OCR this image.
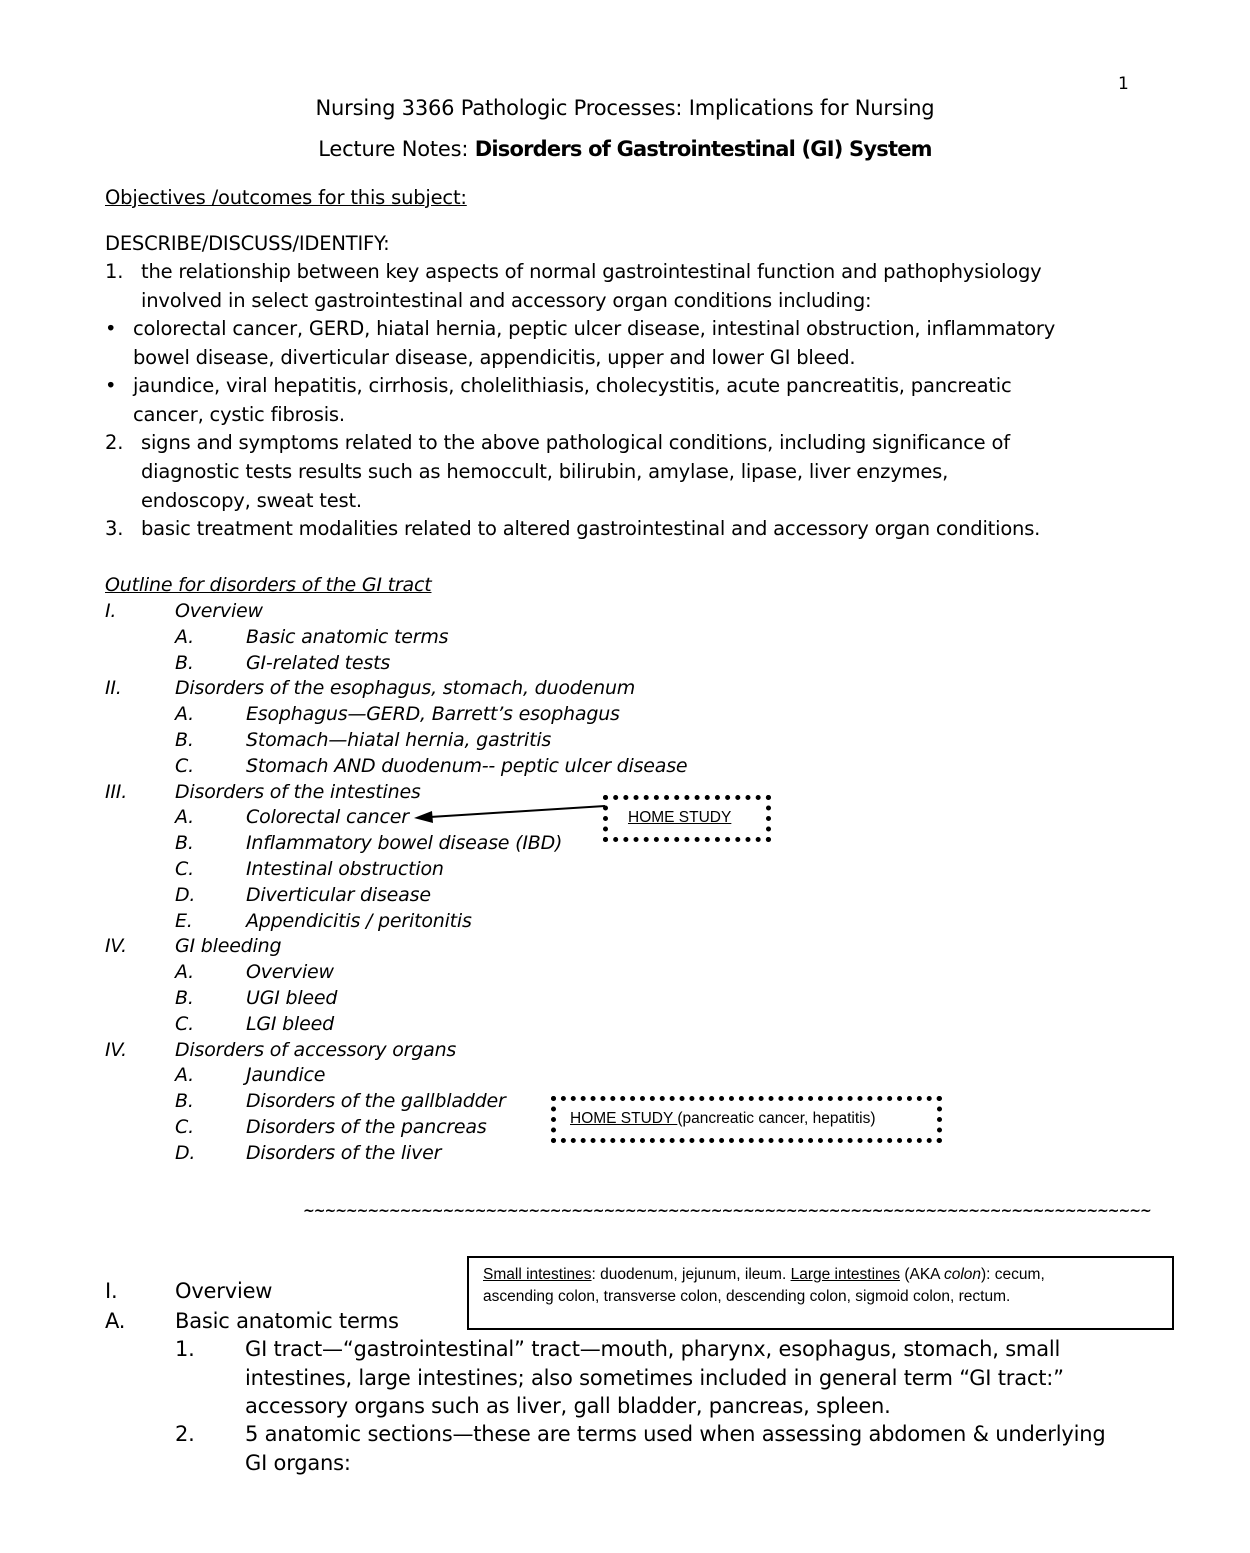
1
Nursing 3366 Pathologic Processes: Implications for Nursing
Lecture Notes: Disorders of Gastrointestinal (GI) System
Objectives /outcomes for this subject:
DESCRIBE/DISCUSS/IDENTIFY:
1. the relationship between key aspects of normal gastrointestinal function and pathophysiology
involved in select gastrointestinal and accessory organ conditions including:
• colorectal cancer, GERD, hiatal hernia, peptic ulcer disease, intestinal obstruction, inflammatory
bowel disease, diverticular disease, appendicitis, upper and lower GI bleed.
• jaundice, viral hepatitis, cirrhosis, cholelithiasis, cholecystitis, acute pancreatitis, pancreatic
cancer, cystic fibrosis.
2. signs and symptoms related to the above pathological conditions, including significance of
diagnostic tests results such as hemoccult, bilirubin, amylase, lipase, liver enzymes,
endoscopy, sweat test.
3. basic treatment modalities related to altered gastrointestinal and accessory organ conditions.
Outline for disorders of the GI tract
I.	Overview
A.	Basic anatomic terms
B.	GI-related tests
II.	Disorders of the esophagus, stomach, duodenum
A.	Esophagus—GERD, Barrett’s esophagus
B.	Stomach—hiatal hernia, gastritis
C.	Stomach AND duodenum-- peptic ulcer disease
III.	Disorders of the intestines
A.	Colorectal cancer
B.	Inflammatory bowel disease (IBD)
C.	Intestinal obstruction
D.	Diverticular disease
E.	Appendicitis / peritonitis
IV.	GI bleeding
A.	Overview
B.	UGI bleed
C.	LGI bleed
IV.	Disorders of accessory organs
A.	Jaundice
B.	Disorders of the gallbladder
C.	Disorders of the pancreas
D.	Disorders of the liver
HOME STUDY
HOME STUDY (pancreatic cancer, hepatitis)
~~~~~~~~~~~~~~~~~~~~~~~~~~~~~~~~~~~~~~~~~~~~~~~~~~~~~~~~~~~~~~~~~~~~~~~~~~~~~~~
Small intestines: duodenum, jejunum, ileum. Large intestines (AKA colon): cecum,
ascending colon, transverse colon, descending colon, sigmoid colon, rectum.
I.	Overview
A. Basic anatomic terms
1. GI tract—“gastrointestinal” tract—mouth, pharynx, esophagus, stomach, small
intestines, large intestines; also sometimes included in general term “GI tract:”
accessory organs such as liver, gall bladder, pancreas, spleen.
2. 5 anatomic sections—these are terms used when assessing abdomen & underlying
GI organs:
